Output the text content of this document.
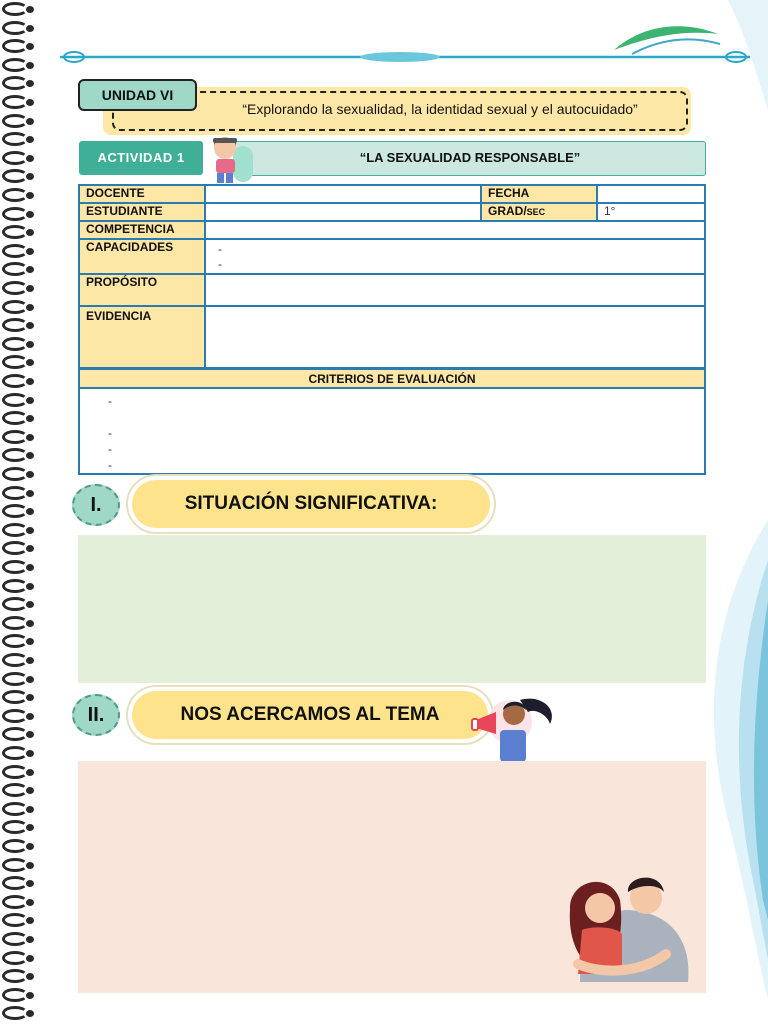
UNIDAD VI
“Explorando la sexualidad, la identidad sexual y el autocuidado”
ACTIVIDAD 1	“LA SEXUALIDAD RESPONSABLE”
DOCENTE		FECHA	
ESTUDIANTE		GRAD/SEC	1°
COMPETENCIA			
CAPACIDADES	-
-		

PROPÓSITO			
EVIDENCIA			
CRITERIOS DE EVALUACIÓN

-
-
-
-
I.	SITUACIÓN SIGNIFICATIVA:
II.	NOS ACERCAMOS AL TEMA
